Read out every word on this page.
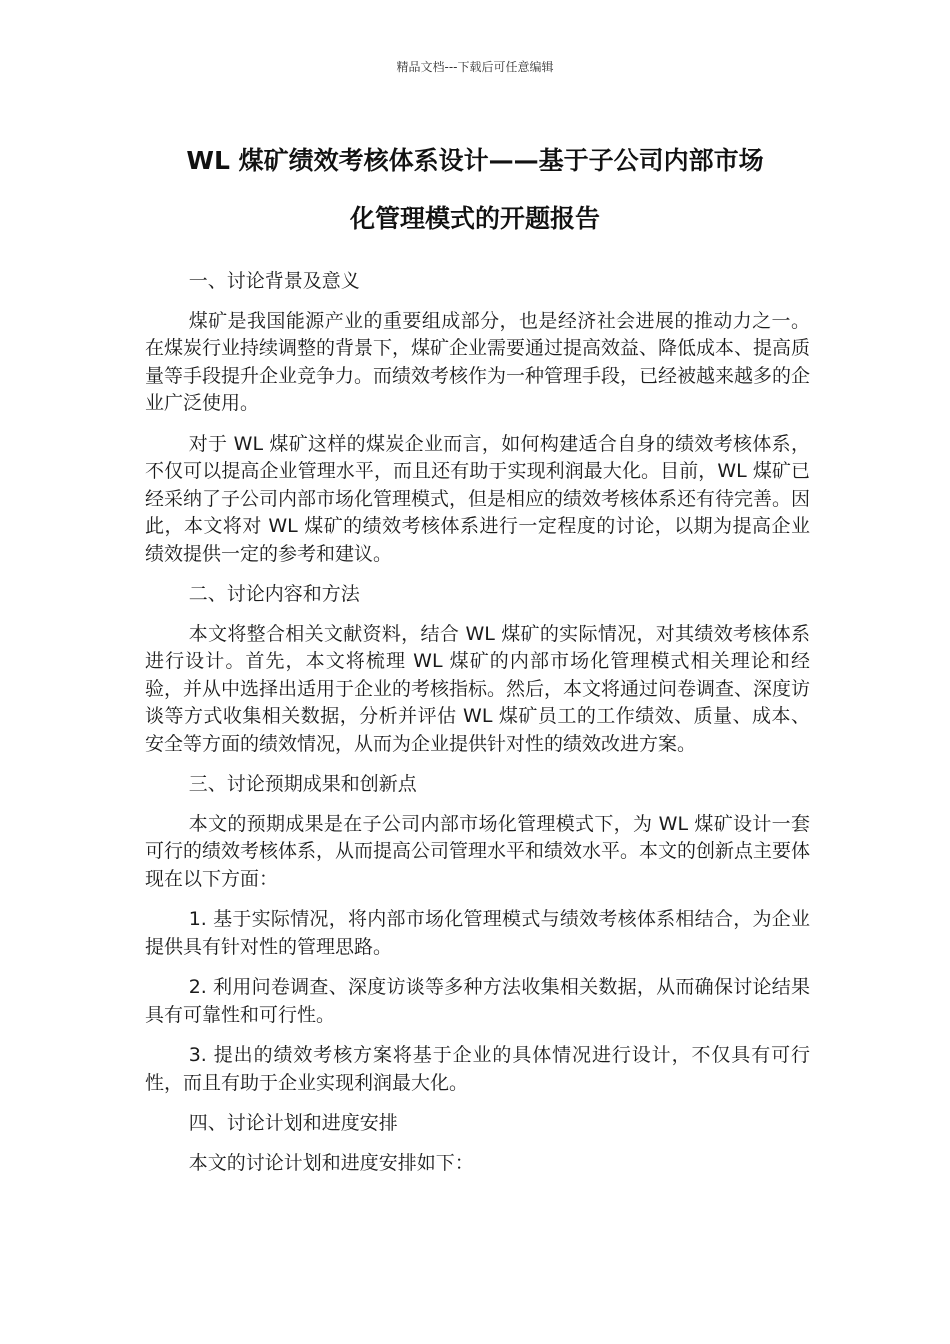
精品文档---下载后可任意编辑
WL 煤矿绩效考核体系设计——基于子公司内部市场
化管理模式的开题报告

一、讨论背景及意义

煤矿是我国能源产业的重要组成部分，也是经济社会进展的推动力之一。在煤炭行业持续调整的背景下，煤矿企业需要通过提高效益、降低成本、提高质量等手段提升企业竞争力。而绩效考核作为一种管理手段，已经被越来越多的企业广泛使用。

对于 WL 煤矿这样的煤炭企业而言，如何构建适合自身的绩效考核体系，不仅可以提高企业管理水平，而且还有助于实现利润最大化。目前，WL 煤矿已经采纳了子公司内部市场化管理模式，但是相应的绩效考核体系还有待完善。因此，本文将对 WL 煤矿的绩效考核体系进行一定程度的讨论，以期为提高企业绩效提供一定的参考和建议。

二、讨论内容和方法

本文将整合相关文献资料，结合 WL 煤矿的实际情况，对其绩效考核体系进行设计。首先，本文将梳理 WL 煤矿的内部市场化管理模式相关理论和经验，并从中选择出适用于企业的考核指标。然后，本文将通过问卷调查、深度访谈等方式收集相关数据，分析并评估 WL 煤矿员工的工作绩效、质量、成本、安全等方面的绩效情况，从而为企业提供针对性的绩效改进方案。

三、讨论预期成果和创新点

本文的预期成果是在子公司内部市场化管理模式下，为 WL 煤矿设计一套可行的绩效考核体系，从而提高公司管理水平和绩效水平。本文的创新点主要体现在以下方面：

1. 基于实际情况，将内部市场化管理模式与绩效考核体系相结合，为企业提供具有针对性的管理思路。

2. 利用问卷调查、深度访谈等多种方法收集相关数据，从而确保讨论结果具有可靠性和可行性。

3. 提出的绩效考核方案将基于企业的具体情况进行设计，不仅具有可行性，而且有助于企业实现利润最大化。

四、讨论计划和进度安排

本文的讨论计划和进度安排如下：
